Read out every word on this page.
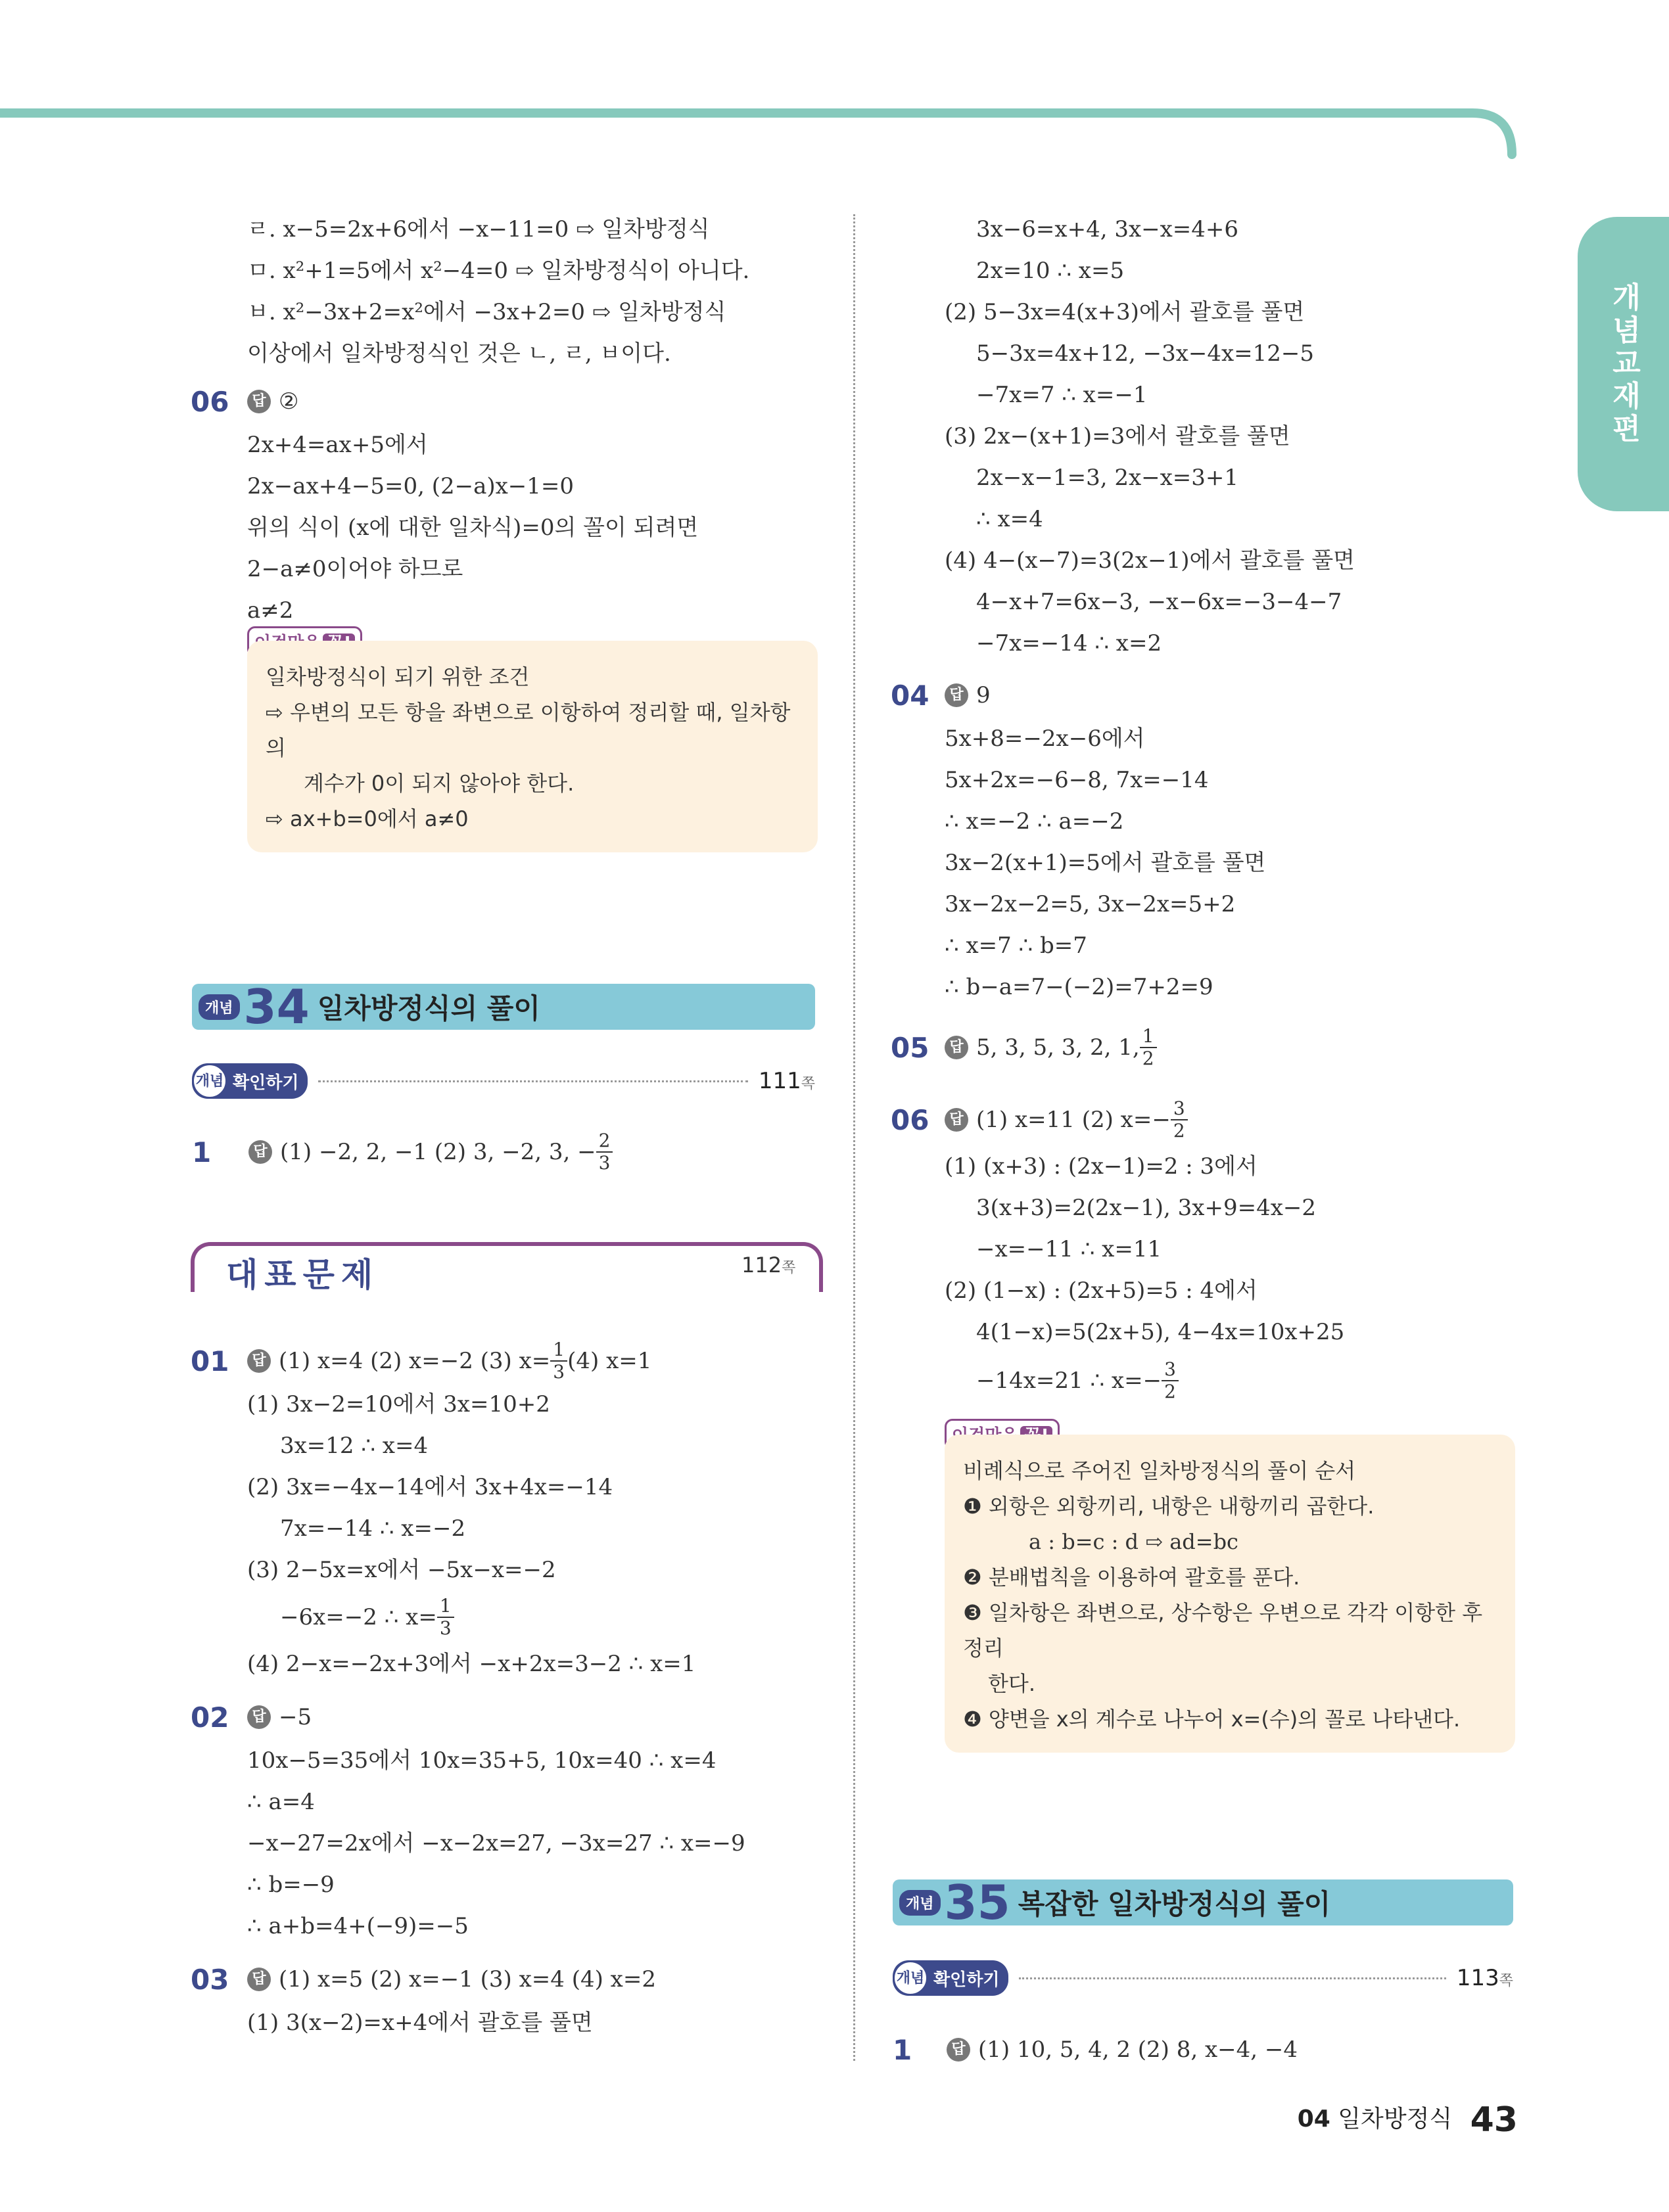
개념교재편
ㄹ. x−5=2x+6에서 −x−11=0 ⇨ 일차방정식
ㅁ. x²+1=5에서 x²−4=0 ⇨ 일차방정식이 아니다.
ㅂ. x²−3x+2=x²에서 −3x+2=0 ⇨ 일차방정식
이상에서 일차방정식인 것은 ㄴ, ㄹ, ㅂ이다.
06	답 ②
2x+4=ax+5에서
2x−ax+4−5=0, (2−a)x−1=0
위의 식이 (x에 대한 일차식)=0의 꼴이 되려면
2−a≠0이어야 하므로
a≠2
일차방정식이 되기 위한 조건
⇨ 우변의 모든 항을 좌변으로 이항하여 정리할 때, 일차항의
계수가 0이 되지 않아야 한다.
⇨ ax+b=0에서 a≠0
개념 34 일차방정식의 풀이
개념 확인하기	111쪽
1	답 (1) −2, 2, −1 (2) 3, −2, 3, − $\frac{2}{3}$
대표문제	112쪽
01	답 (1) x=4 (2) x=−2 (3) $x= \frac{1}{3} (4)$ x=1
(1) 3x−2=10에서 3x=10+2
3x=12 ∴ x=4
(2) 3x=−4x−14에서 3x+4x=−14
7x=−14 ∴ x=−2
(3) 2−5x=x에서 −5x−x=−2
−6x=−2 ∴ $x= \frac{1}{3}$
(4) 2−x=−2x+3에서 −x+2x=3−2 ∴ x=1
02	답 −5
10x−5=35에서 10x=35+5, 10x=40 ∴ x=4
∴ a=4
−x−27=2x에서 −x−2x=27, −3x=27 ∴ x=−9
∴ b=−9
∴ a+b=4+(−9)=−5
03	답 (1) x=5 (2) x=−1 (3) x=4 (4) x=2
(1) 3(x−2)=x+4에서 괄호를 풀면
3x−6=x+4, 3x−x=4+6
2x=10 ∴ x=5
(2) 5−3x=4(x+3)에서 괄호를 풀면
5−3x=4x+12, −3x−4x=12−5
−7x=7 ∴ x=−1
(3) 2x−(x+1)=3에서 괄호를 풀면
2x−x−1=3, 2x−x=3+1
∴ x=4
(4) 4−(x−7)=3(2x−1)에서 괄호를 풀면
4−x+7=6x−3, −x−6x=−3−4−7
−7x=−14 ∴ x=2
04	답 9
5x+8=−2x−6에서
5x+2x=−6−8, 7x=−14
∴ x=−2 ∴ a=−2
3x−2(x+1)=5에서 괄호를 풀면
3x−2x−2=5, 3x−2x=5+2
∴ x=7 ∴ b=7
∴ b−a=7−(−2)=7+2=9
05	답 5, 3, 5, 3, 2, 1, $\frac{1}{2}$
06	답 (1) x=11 (2) $x=- \frac{3}{2}$
(1) (x+3) : (2x−1)=2 : 3에서
3(x+3)=2(2x−1), 3x+9=4x−2
−x=−11 ∴ x=11
(2) (1−x) : (2x+5)=5 : 4에서
4(1−x)=5(2x+5), 4−4x=10x+25
−14x=21 ∴ $x=- \frac{3}{2}$
비례식으로 주어진 일차방정식의 풀이 순서
❶ 외항은 외항끼리, 내항은 내항끼리 곱한다.
a : b=c : d ⇨ ad=bc
❷ 분배법칙을 이용하여 괄호를 푼다.
❸ 일차항은 좌변으로, 상수항은 우변으로 각각 이항한 후 정리
한다.
❹ 양변을 x의 계수로 나누어 x=(수)의 꼴로 나타낸다.
개념 35 복잡한 일차방정식의 풀이
개념 확인하기	113쪽
1	답 (1) 10, 5, 4, 2 (2) 8, x−4, −4
04 일차방정식 43
